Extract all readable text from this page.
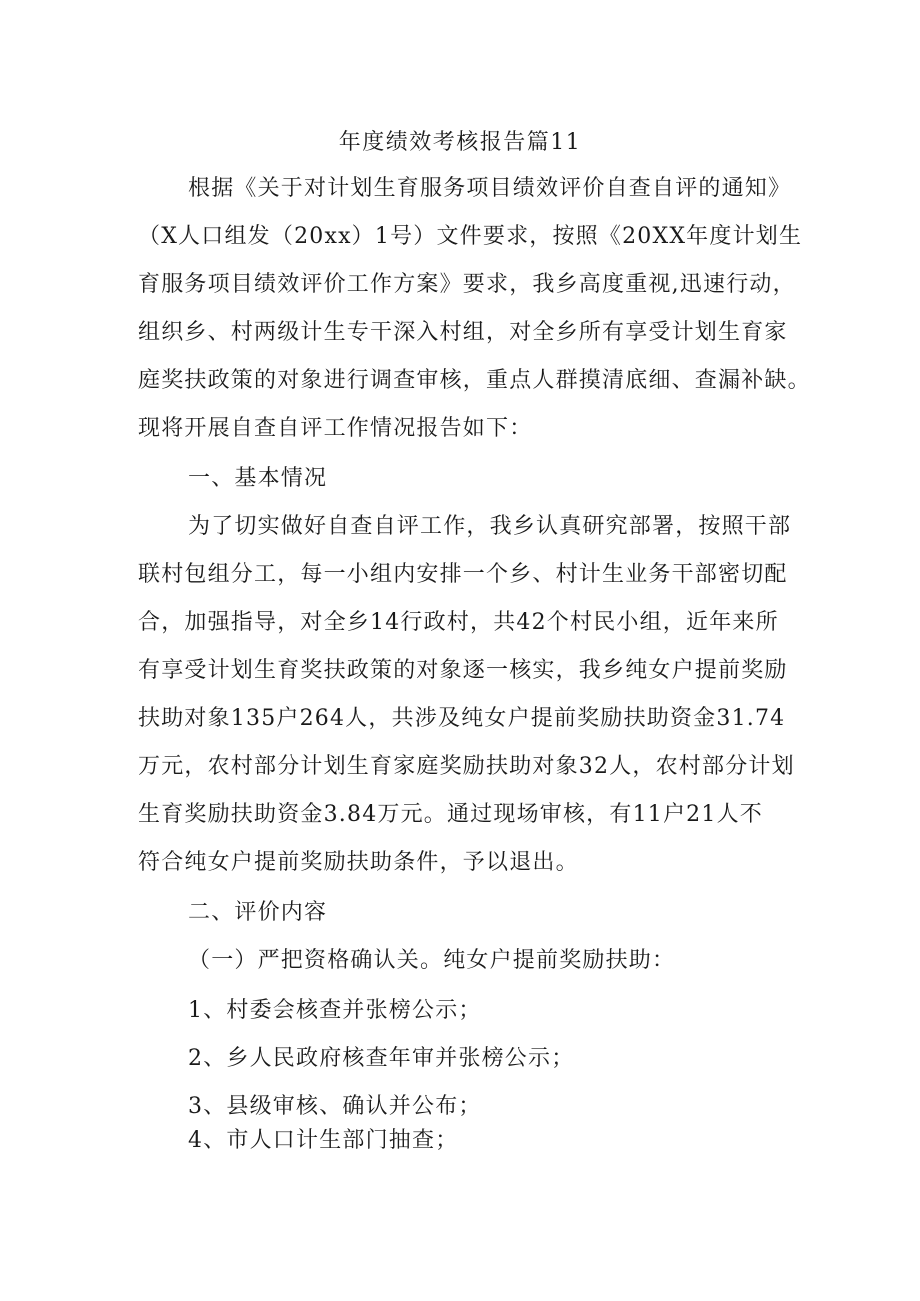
年度绩效考核报告篇11
根据《关于对计划生育服务项目绩效评价自查自评的通知》
（X人口组发（20xx）1号）文件要求，按照《20XX年度计划生
育服务项目绩效评价工作方案》要求，我乡高度重视,迅速行动，
组织乡、村两级计生专干深入村组，对全乡所有享受计划生育家
庭奖扶政策的对象进行调查审核，重点人群摸清底细、查漏补缺。
现将开展自查自评工作情况报告如下：
一、基本情况
为了切实做好自查自评工作，我乡认真研究部署，按照干部
联村包组分工，每一小组内安排一个乡、村计生业务干部密切配
合，加强指导，对全乡14行政村，共42个村民小组，近年来所
有享受计划生育奖扶政策的对象逐一核实，我乡纯女户提前奖励
扶助对象135户264人，共涉及纯女户提前奖励扶助资金31.74
万元，农村部分计划生育家庭奖励扶助对象32人，农村部分计划
生育奖励扶助资金3.84万元。通过现场审核，有11户21人不
符合纯女户提前奖励扶助条件，予以退出。
二、评价内容
（一）严把资格确认关。纯女户提前奖励扶助：
1、村委会核查并张榜公示；
2、乡人民政府核查年审并张榜公示；
3、县级审核、确认并公布；
4、市人口计生部门抽查；
